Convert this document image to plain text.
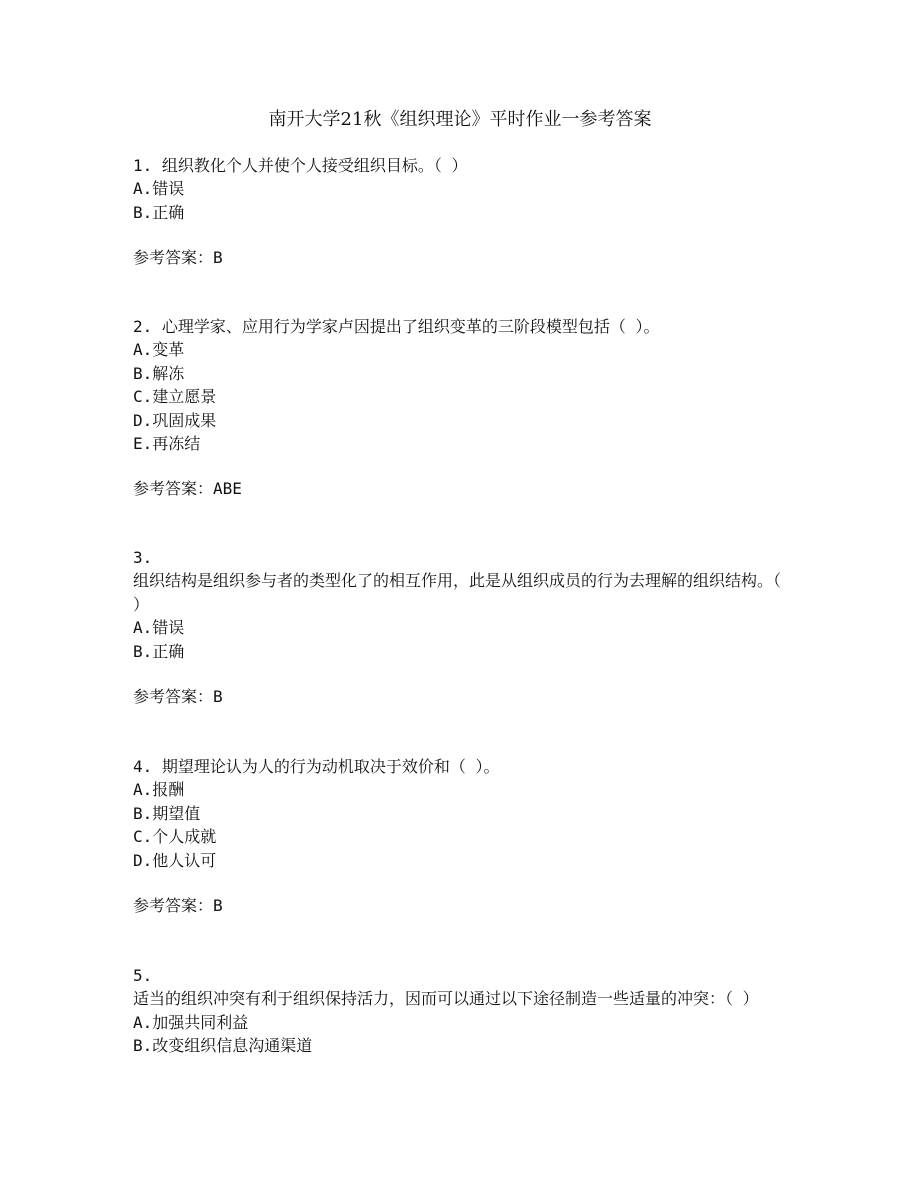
南开大学21秋《组织理论》平时作业一参考答案
1. 组织教化个人并使个人接受组织目标。（ ）
A.错误
B.正确
参考答案：B
2. 心理学家、应用行为学家卢因提出了组织变革的三阶段模型包括（ ）。
A.变革
B.解冻
C.建立愿景
D.巩固成果
E.再冻结
参考答案：ABE
3.
组织结构是组织参与者的类型化了的相互作用，此是从组织成员的行为去理解的组织结构。（ ）
A.错误
B.正确
参考答案：B
4. 期望理论认为人的行为动机取决于效价和（ ）。
A.报酬
B.期望值
C.个人成就
D.他人认可
参考答案：B
5.
适当的组织冲突有利于组织保持活力，因而可以通过以下途径制造一些适量的冲突：（ ）
A.加强共同利益
B.改变组织信息沟通渠道
